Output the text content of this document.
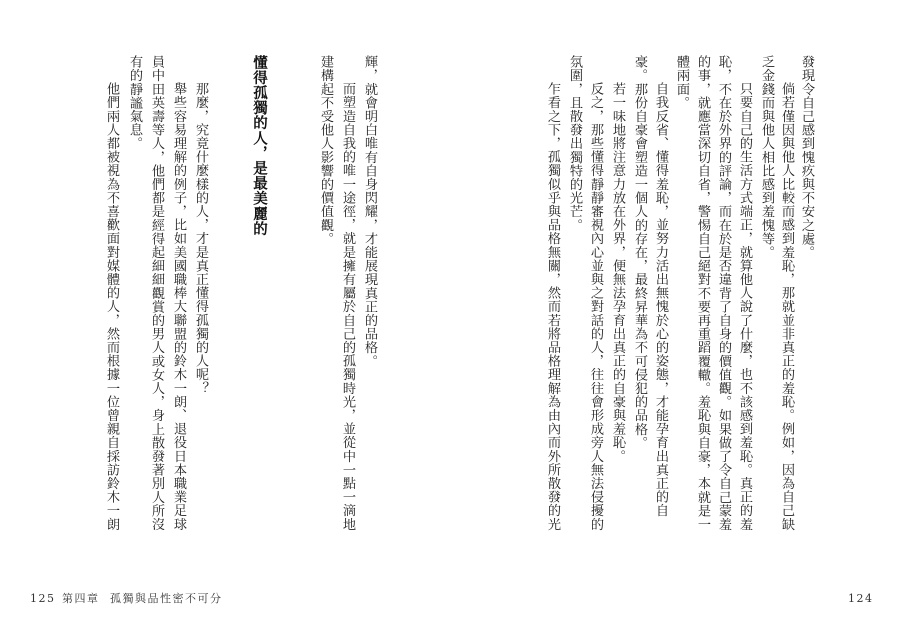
輝，就會明白唯有自身閃耀，才能展現真正的品格。
而塑造自我的唯一途徑，就是擁有屬於自己的孤獨時光，並從中一點一滴地
建構起不受他人影響的價值觀。
懂得孤獨的人，是最美麗的
那麼，究竟什麼樣的人，才是真正懂得孤獨的人呢？
舉些容易理解的例子，比如美國職棒大聯盟的鈴木一朗、退役日本職業足球
員中田英壽等人，他們都是經得起細細觀賞的男人或女人，身上散發著別人所沒
有的靜謐氣息。
他們兩人都被視為不喜歡面對媒體的人，然而根據一位曾親自採訪鈴木一朗
125 第四章 孤獨與品性密不可分
發現令自己感到愧疚與不安之處。
倘若僅因與他人比較而感到羞恥，那就並非真正的羞恥。例如，因為自己缺
乏金錢而與他人相比感到羞愧等。
只要自己的生活方式端正，就算他人說了什麼，也不該感到羞恥。真正的羞
恥，不在於外界的評論，而在於是否違背了自身的價值觀。如果做了令自己蒙羞
的事，就應當深切自省，警惕自己絕對不要再重蹈覆轍。羞恥與自豪，本就是一
體兩面。
自我反省、懂得羞恥，並努力活出無愧於心的姿態，才能孕育出真正的自
豪。那份自豪會塑造一個人的存在，最終昇華為不可侵犯的品格。
若一味地將注意力放在外界，便無法孕育出真正的自豪與羞恥。
反之，那些懂得靜靜審視內心並與之對話的人，往往會形成旁人無法侵擾的
氛圍，且散發出獨特的光芒。
乍看之下，孤獨似乎與品格無關，然而若將品格理解為由內而外所散發的光
124
